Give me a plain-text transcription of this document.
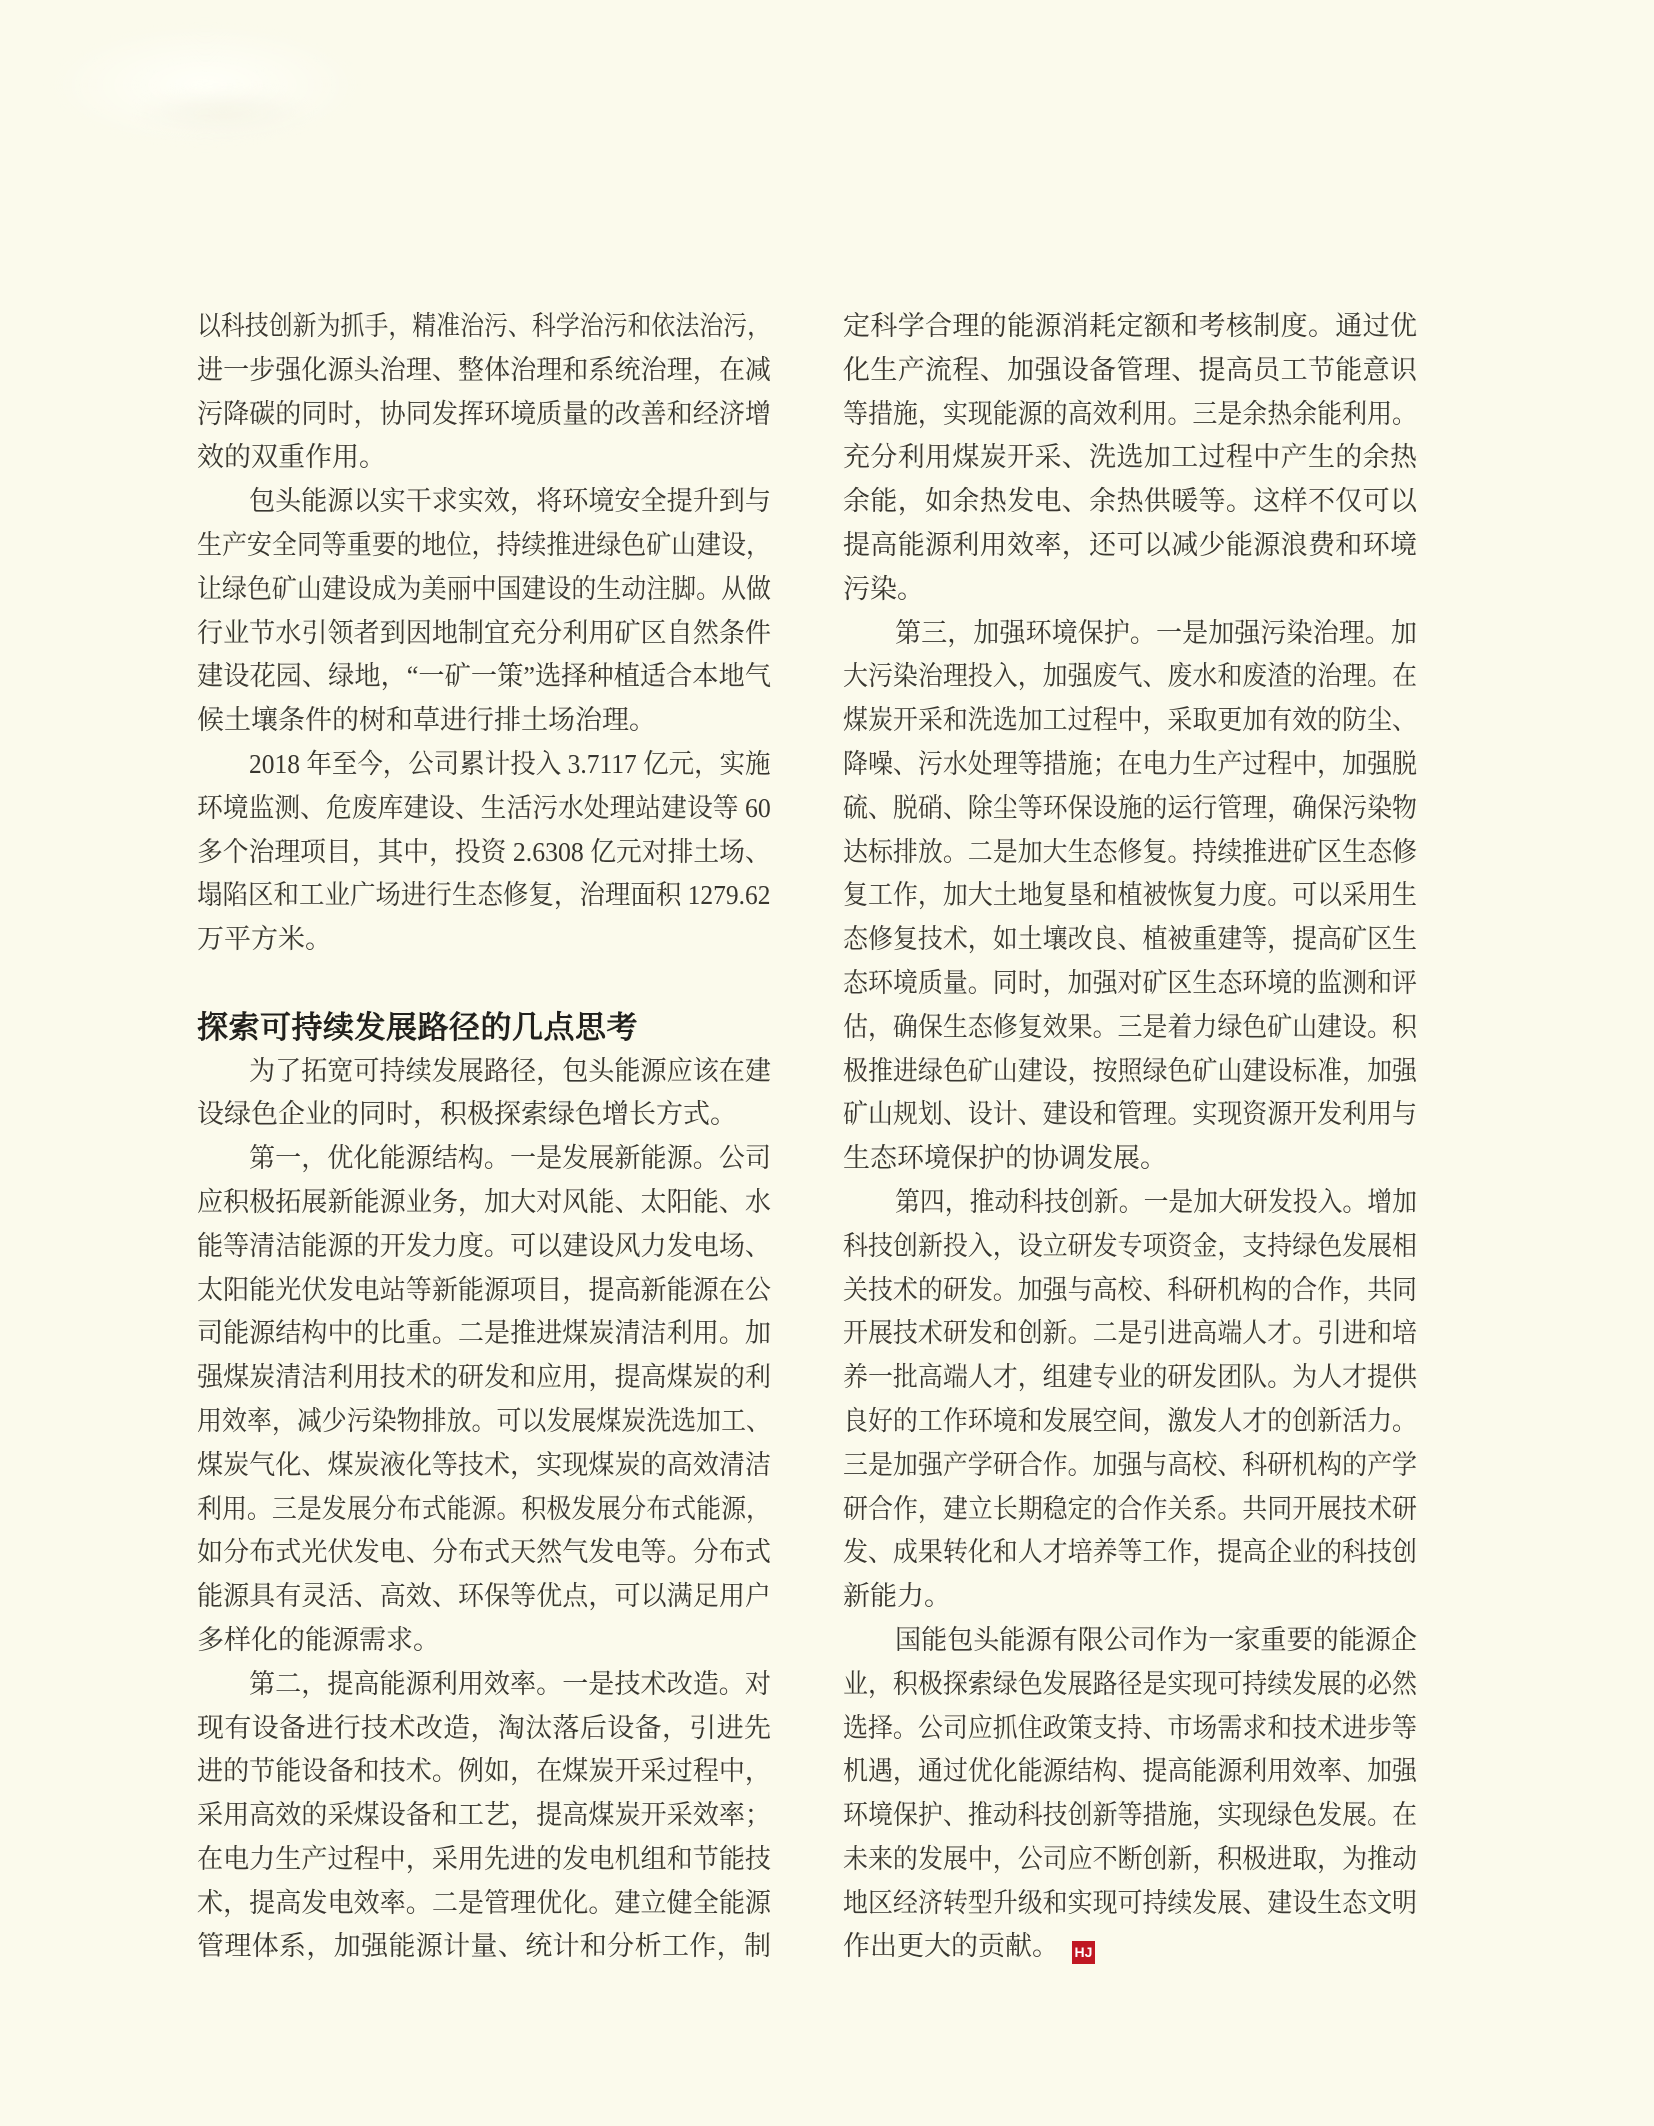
以科技创新为抓手，精准治污、科学治污和依法治污，
进一步强化源头治理、整体治理和系统治理，在减
污降碳的同时，协同发挥环境质量的改善和经济增
效的双重作用。
包头能源以实干求实效，将环境安全提升到与
生产安全同等重要的地位，持续推进绿色矿山建设，
让绿色矿山建设成为美丽中国建设的生动注脚。从做
行业节水引领者到因地制宜充分利用矿区自然条件
建设花园、绿地，“一矿一策”选择种植适合本地气
候土壤条件的树和草进行排土场治理。
2018 年至今，公司累计投入 3.7117 亿元，实施
环境监测、危废库建设、生活污水处理站建设等 60
多个治理项目，其中，投资 2.6308 亿元对排土场、
塌陷区和工业广场进行生态修复，治理面积 1279.62
万平方米。
探索可持续发展路径的几点思考
为了拓宽可持续发展路径，包头能源应该在建
设绿色企业的同时，积极探索绿色增长方式。
第一，优化能源结构。一是发展新能源。公司
应积极拓展新能源业务，加大对风能、太阳能、水
能等清洁能源的开发力度。可以建设风力发电场、
太阳能光伏发电站等新能源项目，提高新能源在公
司能源结构中的比重。二是推进煤炭清洁利用。加
强煤炭清洁利用技术的研发和应用，提高煤炭的利
用效率，减少污染物排放。可以发展煤炭洗选加工、
煤炭气化、煤炭液化等技术，实现煤炭的高效清洁
利用。三是发展分布式能源。积极发展分布式能源，
如分布式光伏发电、分布式天然气发电等。分布式
能源具有灵活、高效、环保等优点，可以满足用户
多样化的能源需求。
第二，提高能源利用效率。一是技术改造。对
现有设备进行技术改造，淘汰落后设备，引进先
进的节能设备和技术。例如，在煤炭开采过程中，
采用高效的采煤设备和工艺，提高煤炭开采效率；
在电力生产过程中，采用先进的发电机组和节能技
术，提高发电效率。二是管理优化。建立健全能源
管理体系，加强能源计量、统计和分析工作，制
定科学合理的能源消耗定额和考核制度。通过优
化生产流程、加强设备管理、提高员工节能意识
等措施，实现能源的高效利用。三是余热余能利用。
充分利用煤炭开采、洗选加工过程中产生的余热
余能，如余热发电、余热供暖等。这样不仅可以
提高能源利用效率，还可以减少能源浪费和环境
污染。
第三，加强环境保护。一是加强污染治理。加
大污染治理投入，加强废气、废水和废渣的治理。在
煤炭开采和洗选加工过程中，采取更加有效的防尘、
降噪、污水处理等措施；在电力生产过程中，加强脱
硫、脱硝、除尘等环保设施的运行管理，确保污染物
达标排放。二是加大生态修复。持续推进矿区生态修
复工作，加大土地复垦和植被恢复力度。可以采用生
态修复技术，如土壤改良、植被重建等，提高矿区生
态环境质量。同时，加强对矿区生态环境的监测和评
估，确保生态修复效果。三是着力绿色矿山建设。积
极推进绿色矿山建设，按照绿色矿山建设标准，加强
矿山规划、设计、建设和管理。实现资源开发利用与
生态环境保护的协调发展。
第四，推动科技创新。一是加大研发投入。增加
科技创新投入，设立研发专项资金，支持绿色发展相
关技术的研发。加强与高校、科研机构的合作，共同
开展技术研发和创新。二是引进高端人才。引进和培
养一批高端人才，组建专业的研发团队。为人才提供
良好的工作环境和发展空间，激发人才的创新活力。
三是加强产学研合作。加强与高校、科研机构的产学
研合作，建立长期稳定的合作关系。共同开展技术研
发、成果转化和人才培养等工作，提高企业的科技创
新能力。
国能包头能源有限公司作为一家重要的能源企
业，积极探索绿色发展路径是实现可持续发展的必然
选择。公司应抓住政策支持、市场需求和技术进步等
机遇，通过优化能源结构、提高能源利用效率、加强
环境保护、推动科技创新等措施，实现绿色发展。在
未来的发展中，公司应不断创新，积极进取，为推动
地区经济转型升级和实现可持续发展、建设生态文明
作出更大的贡献。 HJ
